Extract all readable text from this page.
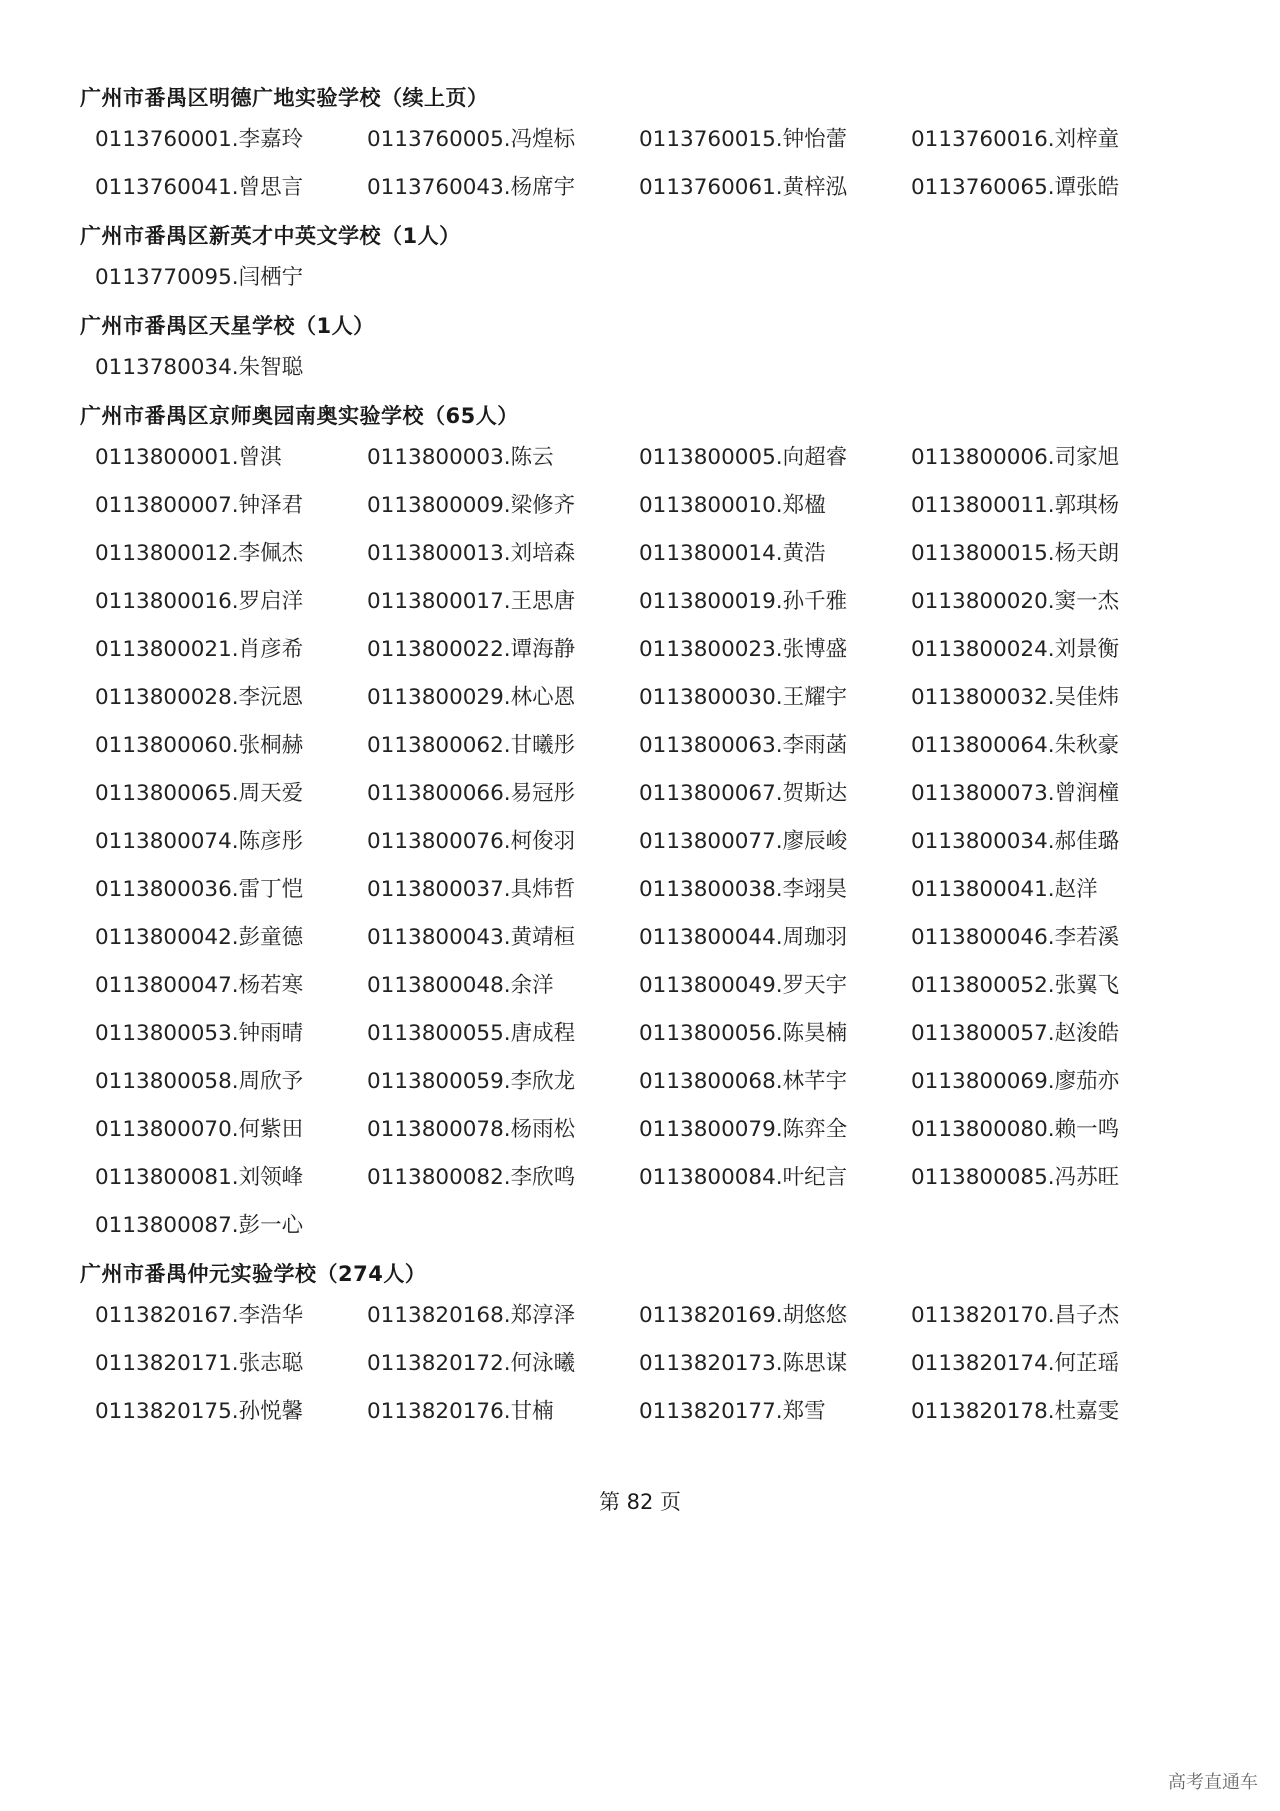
广州市番禺区明德广地实验学校（续上页）
0113760001.李嘉玲	0113760005.冯煌标	0113760015.钟怡蕾	0113760016.刘梓童
0113760041.曾思言	0113760043.杨席宇	0113760061.黄梓泓	0113760065.谭张皓
广州市番禺区新英才中英文学校（1人）
0113770095.闫栖宁
广州市番禺区天星学校（1人）
0113780034.朱智聪
广州市番禺区京师奥园南奥实验学校（65人）
0113800001.曾淇	0113800003.陈云	0113800005.向超睿	0113800006.司家旭
0113800007.钟泽君	0113800009.梁修齐	0113800010.郑楹	0113800011.郭琪杨
0113800012.李佩杰	0113800013.刘培森	0113800014.黄浩	0113800015.杨天朗
0113800016.罗启洋	0113800017.王思唐	0113800019.孙千雅	0113800020.窦一杰
0113800021.肖彦希	0113800022.谭海静	0113800023.张博盛	0113800024.刘景衡
0113800028.李沅恩	0113800029.林心恩	0113800030.王耀宇	0113800032.吴佳炜
0113800060.张桐赫	0113800062.甘曦彤	0113800063.李雨菡	0113800064.朱秋豪
0113800065.周天爱	0113800066.易冠彤	0113800067.贺斯达	0113800073.曾润橦
0113800074.陈彦彤	0113800076.柯俊羽	0113800077.廖辰峻	0113800034.郝佳璐
0113800036.雷丁恺	0113800037.具炜哲	0113800038.李翊昊	0113800041.赵洋
0113800042.彭童德	0113800043.黄靖桓	0113800044.周珈羽	0113800046.李若溪
0113800047.杨若寒	0113800048.余洋	0113800049.罗天宇	0113800052.张翼飞
0113800053.钟雨晴	0113800055.唐成程	0113800056.陈昊楠	0113800057.赵浚皓
0113800058.周欣予	0113800059.李欣龙	0113800068.林芊宇	0113800069.廖茄亦
0113800070.何紫田	0113800078.杨雨松	0113800079.陈弈全	0113800080.赖一鸣
0113800081.刘领峰	0113800082.李欣鸣	0113800084.叶纪言	0113800085.冯苏旺
0113800087.彭一心
广州市番禺仲元实验学校（274人）
0113820167.李浩华	0113820168.郑淳泽	0113820169.胡悠悠	0113820170.昌子杰
0113820171.张志聪	0113820172.何泳曦	0113820173.陈思谋	0113820174.何芷瑶
0113820175.孙悦馨	0113820176.甘楠	0113820177.郑雪	0113820178.杜嘉雯
第 82 页
高考直通车
